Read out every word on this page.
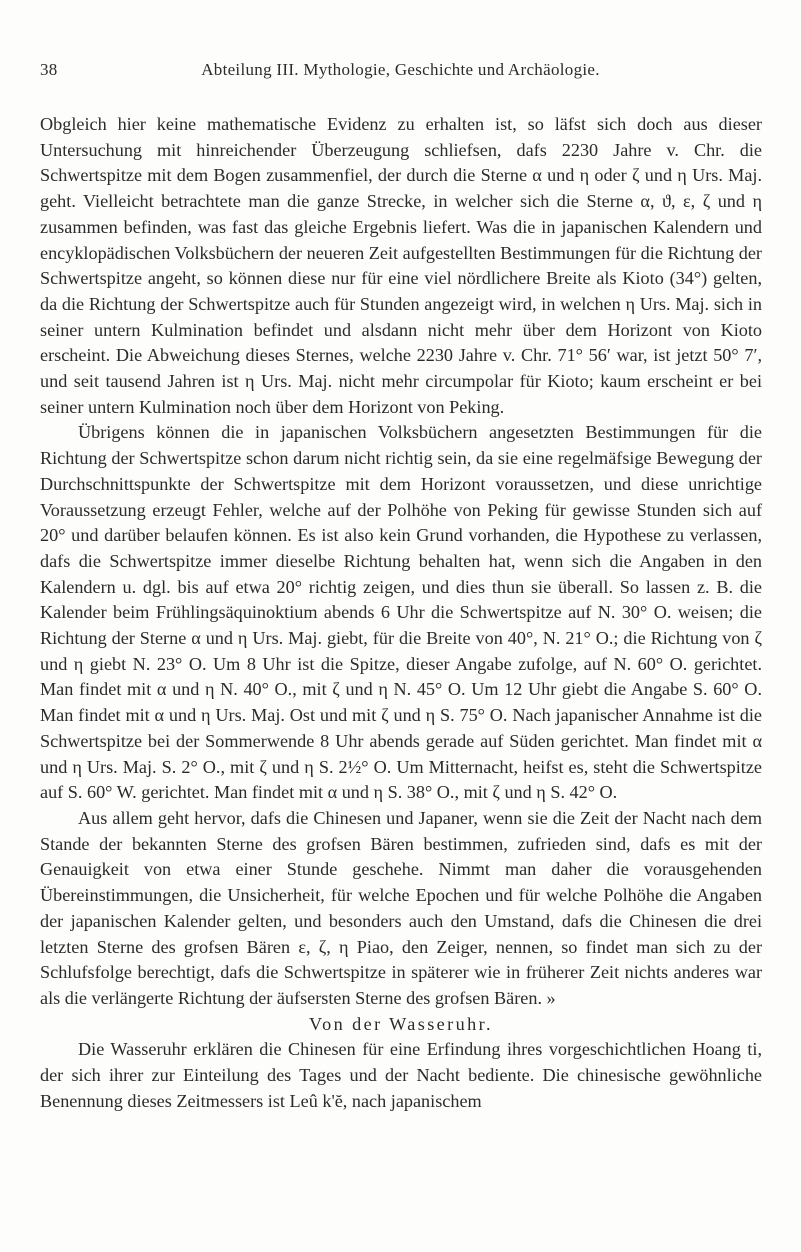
38	Abteilung III. Mythologie, Geschichte und Archäologie.

Obgleich hier keine mathematische Evidenz zu erhalten ist, so läfst sich doch aus dieser Untersuchung mit hinreichender Überzeugung schliefsen, dafs 2230 Jahre v. Chr. die Schwertspitze mit dem Bogen zusammenfiel, der durch die Sterne α und η oder ζ und η Urs. Maj. geht. Vielleicht betrachtete man die ganze Strecke, in welcher sich die Sterne α, ϑ, ε, ζ und η zusammen befinden, was fast das gleiche Ergebnis liefert. Was die in japanischen Kalendern und encyklopädischen Volksbüchern der neueren Zeit aufgestellten Bestimmungen für die Richtung der Schwertspitze angeht, so können diese nur für eine viel nördlichere Breite als Kioto (34°) gelten, da die Richtung der Schwertspitze auch für Stunden angezeigt wird, in welchen η Urs. Maj. sich in seiner untern Kulmination befindet und alsdann nicht mehr über dem Horizont von Kioto erscheint. Die Abweichung dieses Sternes, welche 2230 Jahre v. Chr. 71° 56′ war, ist jetzt 50° 7′, und seit tausend Jahren ist η Urs. Maj. nicht mehr circumpolar für Kioto; kaum erscheint er bei seiner untern Kulmination noch über dem Horizont von Peking.

Übrigens können die in japanischen Volksbüchern angesetzten Bestimmungen für die Richtung der Schwertspitze schon darum nicht richtig sein, da sie eine regelmäfsige Bewegung der Durchschnittspunkte der Schwertspitze mit dem Horizont voraussetzen, und diese unrichtige Voraussetzung erzeugt Fehler, welche auf der Polhöhe von Peking für gewisse Stunden sich auf 20° und darüber belaufen können. Es ist also kein Grund vorhanden, die Hypothese zu verlassen, dafs die Schwertspitze immer dieselbe Richtung behalten hat, wenn sich die Angaben in den Kalendern u. dgl. bis auf etwa 20° richtig zeigen, und dies thun sie überall. So lassen z. B. die Kalender beim Frühlingsäquinoktium abends 6 Uhr die Schwertspitze auf N. 30° O. weisen; die Richtung der Sterne α und η Urs. Maj. giebt, für die Breite von 40°, N. 21° O.; die Richtung von ζ und η giebt N. 23° O. Um 8 Uhr ist die Spitze, dieser Angabe zufolge, auf N. 60° O. gerichtet. Man findet mit α und η N. 40° O., mit ζ und η N. 45° O. Um 12 Uhr giebt die Angabe S. 60° O. Man findet mit α und η Urs. Maj. Ost und mit ζ und η S. 75° O. Nach japanischer Annahme ist die Schwertspitze bei der Sommerwende 8 Uhr abends gerade auf Süden gerichtet. Man findet mit α und η Urs. Maj. S. 2° O., mit ζ und η S. 2½° O. Um Mitternacht, heifst es, steht die Schwertspitze auf S. 60° W. gerichtet. Man findet mit α und η S. 38° O., mit ζ und η S. 42° O.

Aus allem geht hervor, dafs die Chinesen und Japaner, wenn sie die Zeit der Nacht nach dem Stande der bekannten Sterne des grofsen Bären bestimmen, zufrieden sind, dafs es mit der Genauigkeit von etwa einer Stunde geschehe. Nimmt man daher die vorausgehenden Übereinstimmungen, die Unsicherheit, für welche Epochen und für welche Polhöhe die Angaben der japanischen Kalender gelten, und besonders auch den Umstand, dafs die Chinesen die drei letzten Sterne des grofsen Bären ε, ζ, η Piao, den Zeiger, nennen, so findet man sich zu der Schlufsfolge berechtigt, dafs die Schwertspitze in späterer wie in früherer Zeit nichts anderes war als die verlängerte Richtung der äufsersten Sterne des grofsen Bären. »

Von der Wasseruhr.

Die Wasseruhr erklären die Chinesen für eine Erfindung ihres vorgeschichtlichen Hoang ti, der sich ihrer zur Einteilung des Tages und der Nacht bediente. Die chinesische gewöhnliche Benennung dieses Zeitmessers ist Leû k'ĕ, nach japanischem
